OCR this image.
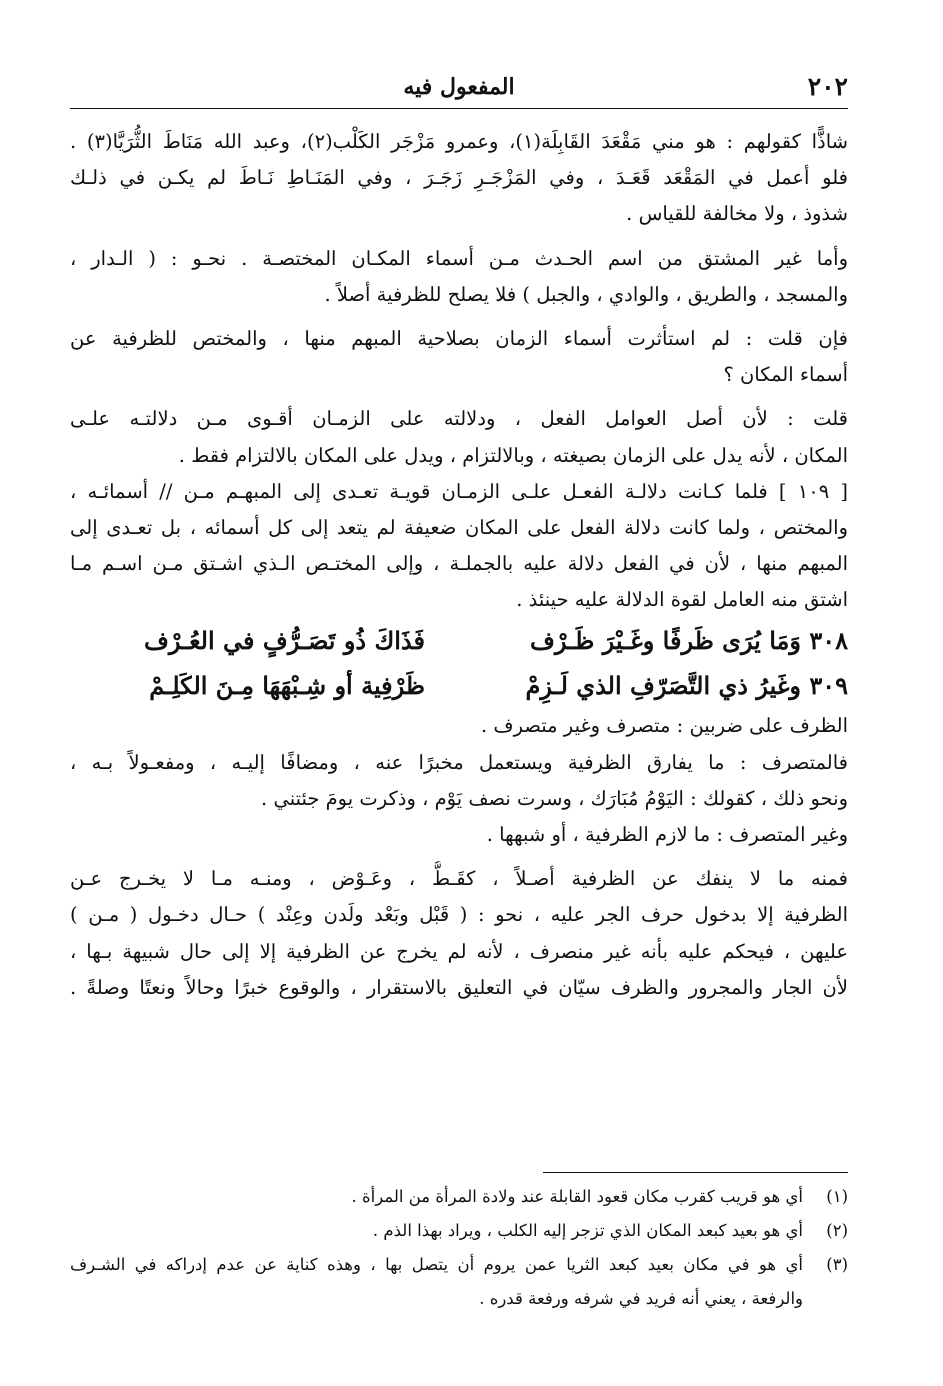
٢٠٢
المفعول فيه
شاذًّا كقولهم : هو مني مَقْعَدَ القَابِلَة(١)، وعمرو مَزْجَر الكَلْب(٢)، وعبد الله مَنَاطَ الثُّرَيَّا(٣) .
فلو أعمل في المَقْعَد قَعَـدَ ، وفي المَزْجَـرِ زَجَـرَ ، وفي المَنَـاطِ نَـاطَ لم يكـن في ذلـك
شذوذ ، ولا مخالفة للقياس .
وأما غير المشتق من اسم الحـدث مـن أسماء المكـان المختصـة . نحـو : ( الـدار ،
والمسجد ، والطريق ، والوادي ، والجبل ) فلا يصلح للظرفية أصلاً .
فإن قلت : لم استأثرت أسماء الزمان بصلاحية المبهم منها ، والمختص للظرفية عن
أسماء المكان ؟
قلت : لأن أصل العوامل الفعل ، ودلالته على الزمـان أقـوى مـن دلالتـه علـى
المكان ، لأنه يدل على الزمان بصيغته ، وبالالتزام ، ويدل على المكان بالالتزام فقط .
[ ١٠٩ ] فلما كـانت دلالـة الفعـل علـى الزمـان قويـة تعـدى إلى المبهـم مـن // أسمائـه ،
والمختص ، ولما كانت دلالة الفعل على المكان ضعيفة لم يتعد إلى كل أسمائه ، بل تعـدى إلى
المبهم منها ، لأن في الفعل دلالة عليه بالجملـة ، وإلى المختـص الـذي اشـتق مـن اسـم مـا
اشتق منه العامل لقوة الدلالة عليه حينئذ .
٣٠٨ وَمَا يُرَى ظَرفًا وغَـيْرَ ظَـرْف
فَذَاكَ ذُو تَصَـرُّفٍ في العُـرْف
٣٠٩ وغَيرُ ذي التَّصَرّفِ الذي لَـزِمْ
ظَرْفِية أو شِـبْهَهَا مِـنَ الكَلِـمْ
الظرف على ضربين : متصرف وغير متصرف .
فالمتصرف : ما يفارق الظرفية ويستعمل مخبرًا عنه ، ومضافًا إليـه ، ومفعـولاً بـه ،
ونحو ذلك ، كقولك : اليَوْمُ مُبَارَك ، وسرت نصف يَوْم ، وذكرت يومَ جئتني .
وغير المتصرف : ما لازم الظرفية ، أو شبهها .
فمنه ما لا ينفك عن الظرفية أصـلاً ، كقَـطُّ ، وعَـوْض ، ومنـه مـا لا يخـرج عـن
الظرفية إلا بدخول حرف الجر عليه ، نحو : ( قَبْل وبَعْد ولَدن وعِنْد ) حـال دخـول ( مـن )
عليهن ، فيحكم عليه بأنه غير منصرف ، لأنه لم يخرج عن الظرفية إلا إلى حال شبيهة بـها ،
لأن الجار والمجرور والظرف سيّان في التعليق بالاستقرار ، والوقوع خبرًا وحالاً ونعتًا وصلةً .
(١)
أي هو قريب كقرب مكان قعود القابلة عند ولادة المرأة من المرأة .
(٢)
أي هو بعيد كبعد المكان الذي تزجر إليه الكلب ، ويراد بهذا الذم .
(٣)
أي هو في مكان بعيد كبعد الثريا عمن يروم أن يتصل بها ، وهذه كناية عن عدم إدراكه في الشـرف
والرفعة ، يعني أنه فريد في شرفه ورفعة قدره .
